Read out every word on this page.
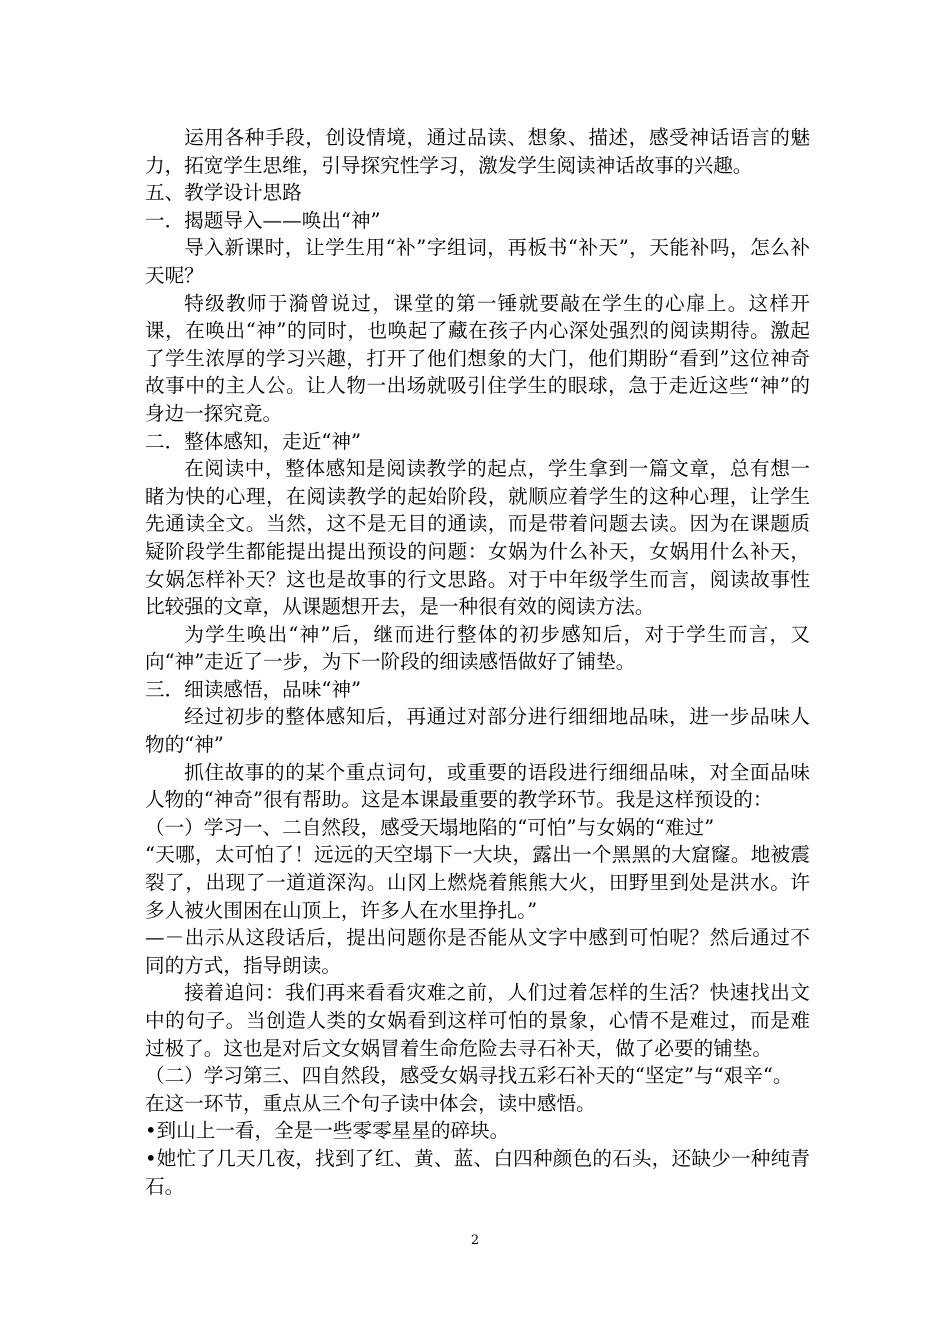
运用各种手段，创设情境，通过品读、想象、描述，感受神话语言的魅力，拓宽学生思维，引导探究性学习，激发学生阅读神话故事的兴趣。

五、教学设计思路

一．揭题导入——唤出“神”

导入新课时，让学生用“补”字组词，再板书“补天”，天能补吗，怎么补天呢？

特级教师于漪曾说过，课堂的第一锤就要敲在学生的心扉上。这样开课，在唤出“神”的同时，也唤起了藏在孩子内心深处强烈的阅读期待。激起了学生浓厚的学习兴趣，打开了他们想象的大门，他们期盼“看到”这位神奇故事中的主人公。让人物一出场就吸引住学生的眼球，急于走近这些“神”的身边一探究竟。

二．整体感知，走近“神”

在阅读中，整体感知是阅读教学的起点，学生拿到一篇文章，总有想一睹为快的心理，在阅读教学的起始阶段，就顺应着学生的这种心理，让学生先通读全文。当然，这不是无目的通读，而是带着问题去读。因为在课题质疑阶段学生都能提出提出预设的问题：女娲为什么补天，女娲用什么补天，女娲怎样补天？这也是故事的行文思路。对于中年级学生而言，阅读故事性比较强的文章，从课题想开去，是一种很有效的阅读方法。

为学生唤出“神”后，继而进行整体的初步感知后，对于学生而言，又向“神”走近了一步，为下一阶段的细读感悟做好了铺垫。

三．细读感悟，品味“神”

经过初步的整体感知后，再通过对部分进行细细地品味，进一步品味人物的“神”

抓住故事的的某个重点词句，或重要的语段进行细细品味，对全面品味人物的“神奇”很有帮助。这是本课最重要的教学环节。我是这样预设的：

（一）学习一、二自然段，感受天塌地陷的“可怕”与女娲的“难过”

“天哪，太可怕了！远远的天空塌下一大块，露出一个黑黑的大窟窿。地被震裂了，出现了一道道深沟。山冈上燃烧着熊熊大火，田野里到处是洪水。许多人被火围困在山顶上，许多人在水里挣扎。”

—－出示从这段话后，提出问题你是否能从文字中感到可怕呢？然后通过不同的方式，指导朗读。

接着追问：我们再来看看灾难之前，人们过着怎样的生活？快速找出文中的句子。当创造人类的女娲看到这样可怕的景象，心情不是难过，而是难过极了。这也是对后文女娲冒着生命危险去寻石补天，做了必要的铺垫。

（二）学习第三、四自然段，感受女娲寻找五彩石补天的“坚定”与“艰辛“。

在这一环节，重点从三个句子读中体会，读中感悟。

•到山上一看，全是一些零零星星的碎块。

•她忙了几天几夜，找到了红、黄、蓝、白四种颜色的石头，还缺少一种纯青石。

2
